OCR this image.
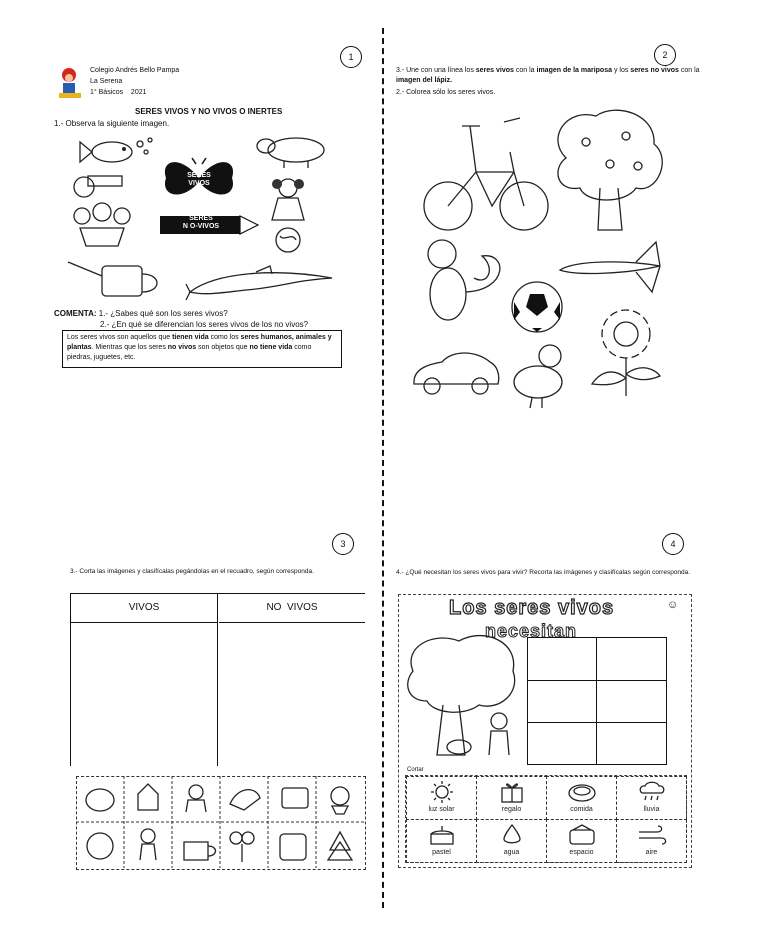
1
Colegio Andrés Bello Pampa
La Serena
1° Básicos    2021
SERES VIVOS Y NO VIVOS O INERTES
1.- Observa la siguiente imagen.
SERES
VIVOS
SERES
N O-VIVOS
COMENTA: 1.- ¿Sabes qué son los seres vivos?
2.- ¿En qué se diferencian los seres vivos de los no vivos?
Los seres vivos son aquellos que tienen vida como los seres humanos, animales y plantas. Mientras que los seres no vivos son objetos que no tiene vida como piedras, juguetes, etc.
2
3.- Une con una línea los seres vivos con la imagen de la mariposa y los seres no vivos con la imagen del lápiz.
2.- Colorea sólo los seres vivos.
3
3.- Corta las imágenes y clasifícalas pegándolas en el recuadro, según corresponda.
VIVOS	NO  VIVOS
4
4.- ¿Qué necesitan los seres vivos para vivir? Recorta las imágenes y clasifícalas según corresponda.
Los seres vivos
necesitan
☺
Cortar
luz solar	regalo	comida	lluvia
pastel	agua	espacio	aire
